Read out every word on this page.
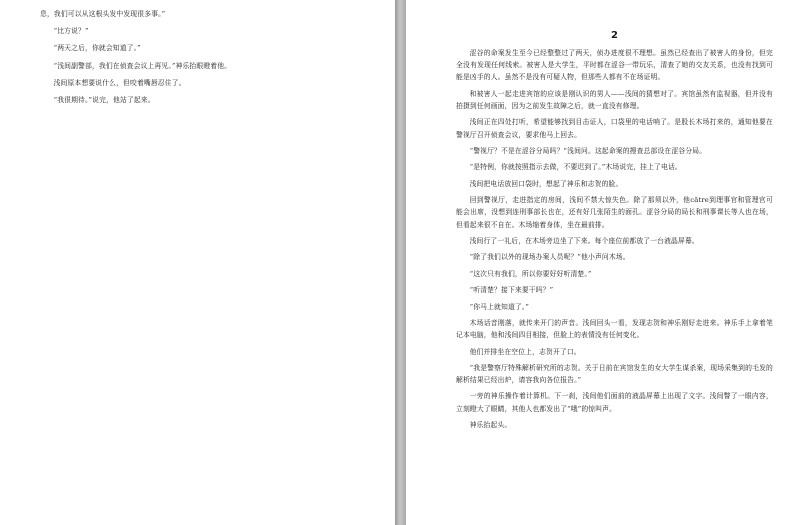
息，我们可以从这根头发中发现很多事。”

“比方说？”

“两天之后，你就会知道了。”

“浅间副警部，我们在侦查会议上再见。”神乐抬眼瞪着他。

浅间原本想要说什么，但咬着嘴唇忍住了。

“我很期待。”说完，他站了起来。

2

涩谷的命案发生至今已经整整过了两天，侦办进度很不理想。虽然已经查出了被害人的身份，但完全没有发现任何线索。被害人是大学生，平时都在涩谷一带玩乐，清查了她的交友关系，也没有找到可能是凶手的人。虽然不是没有可疑人物，但那些人都有不在场证明。

和被害人一起走进宾馆的应该是刚认识的男人——浅间的猜想对了。宾馆虽然有监视器，但并没有拍摄到任何画面，因为之前发生故障之后，就一直没有修理。

浅间正在四处打听，希望能够找到目击证人，口袋里的电话响了。是股长木场打来的，通知他要在警视厅召开侦查会议，要求他马上回去。

“警视厅？不是在涩谷分局吗？”浅间问。这起命案的搜查总部设在涩谷分局。

“是特例，你就按照指示去做，不要迟到了。”木场说完，挂上了电话。

浅间把电话放回口袋时，想起了神乐和志贺的脸。

回到警视厅，走进指定的房间，浅间不禁大惊失色。除了那须以外，他către到理事官和管理官可能会出席，没想到连刑事部长也在，还有好几张陌生的面孔。涩谷分局的局长和刑事课长等人也在场，但看起来很不自在。木场缩着身体，坐在最前排。

浅间行了一礼后，在木场旁边坐了下来。每个座位前都放了一台液晶屏幕。

“除了我们以外的现场办案人员呢？”他小声问木场。

“这次只有我们，所以你要好好听清楚。”

“听清楚？接下来要干吗？”

“你马上就知道了。”

木场话音刚落，就传来开门的声音。浅间回头一看，发现志贺和神乐刚好走进来。神乐手上拿着笔记本电脑，他和浅间四目相接，但脸上的表情没有任何变化。

他们并排坐在空位上，志贺开了口。

“我是警察厅特殊解析研究所的志贺。关于日前在宾馆发生的女大学生谋杀案，现场采集到的毛发的解析结果已经出炉，请容我向各位报告。”

一旁的神乐操作着计算机。下一刹，浅间他们面前的液晶屏幕上出现了文字。浅间瞥了一眼内容，立刻瞪大了眼睛，其他人也都发出了“哦”的惊叫声。

神乐抬起头。
